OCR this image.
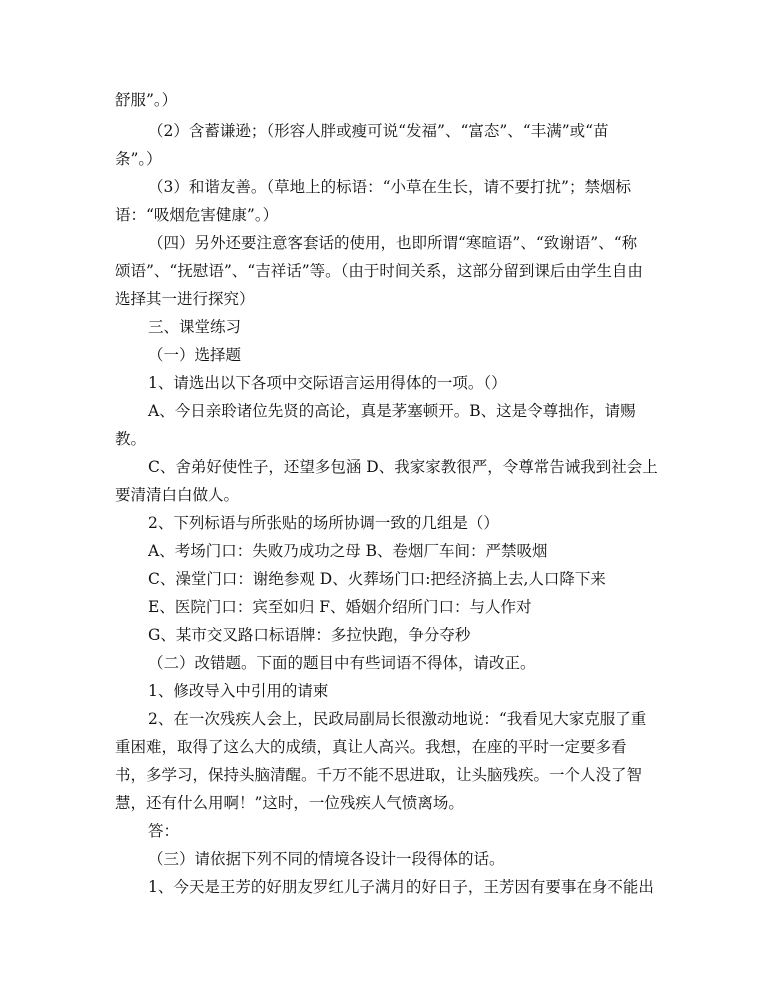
舒服”。）
（2）含蓄谦逊；（形容人胖或瘦可说“发福”、“富态”、“丰满”或“苗
条”。）
（3）和谐友善。（草地上的标语：“小草在生长，请不要打扰”；禁烟标
语：“吸烟危害健康”。）
（四）另外还要注意客套话的使用，也即所谓“寒暄语”、“致谢语”、“称
颂语”、“抚慰语”、“吉祥话”等。（由于时间关系，这部分留到课后由学生自由
选择其一进行探究）
三、课堂练习
（一）选择题
1、请选出以下各项中交际语言运用得体的一项。（）
A、今日亲聆诸位先贤的高论，真是茅塞顿开。B、这是令尊拙作，请赐
教。
C、舍弟好使性子，还望多包涵 D、我家家教很严，令尊常告诫我到社会上
要清清白白做人。
2、下列标语与所张贴的场所协调一致的几组是（）
A、考场门口：失败乃成功之母 B、卷烟厂车间：严禁吸烟
C、澡堂门口：谢绝参观 D、火葬场门口:把经济搞上去,人口降下来
E、医院门口：宾至如归 F、婚姻介绍所门口：与人作对
G、某市交叉路口标语牌：多拉快跑，争分夺秒
（二）改错题。下面的题目中有些词语不得体，请改正。
1、修改导入中引用的请柬
2、在一次残疾人会上，民政局副局长很激动地说：“我看见大家克服了重
重困难，取得了这么大的成绩，真让人高兴。我想，在座的平时一定要多看
书，多学习，保持头脑清醒。千万不能不思进取，让头脑残疾。一个人没了智
慧，还有什么用啊！”这时，一位残疾人气愤离场。
答：
（三）请依据下列不同的情境各设计一段得体的话。
1、今天是王芳的好朋友罗红儿子满月的好日子，王芳因有要事在身不能出
